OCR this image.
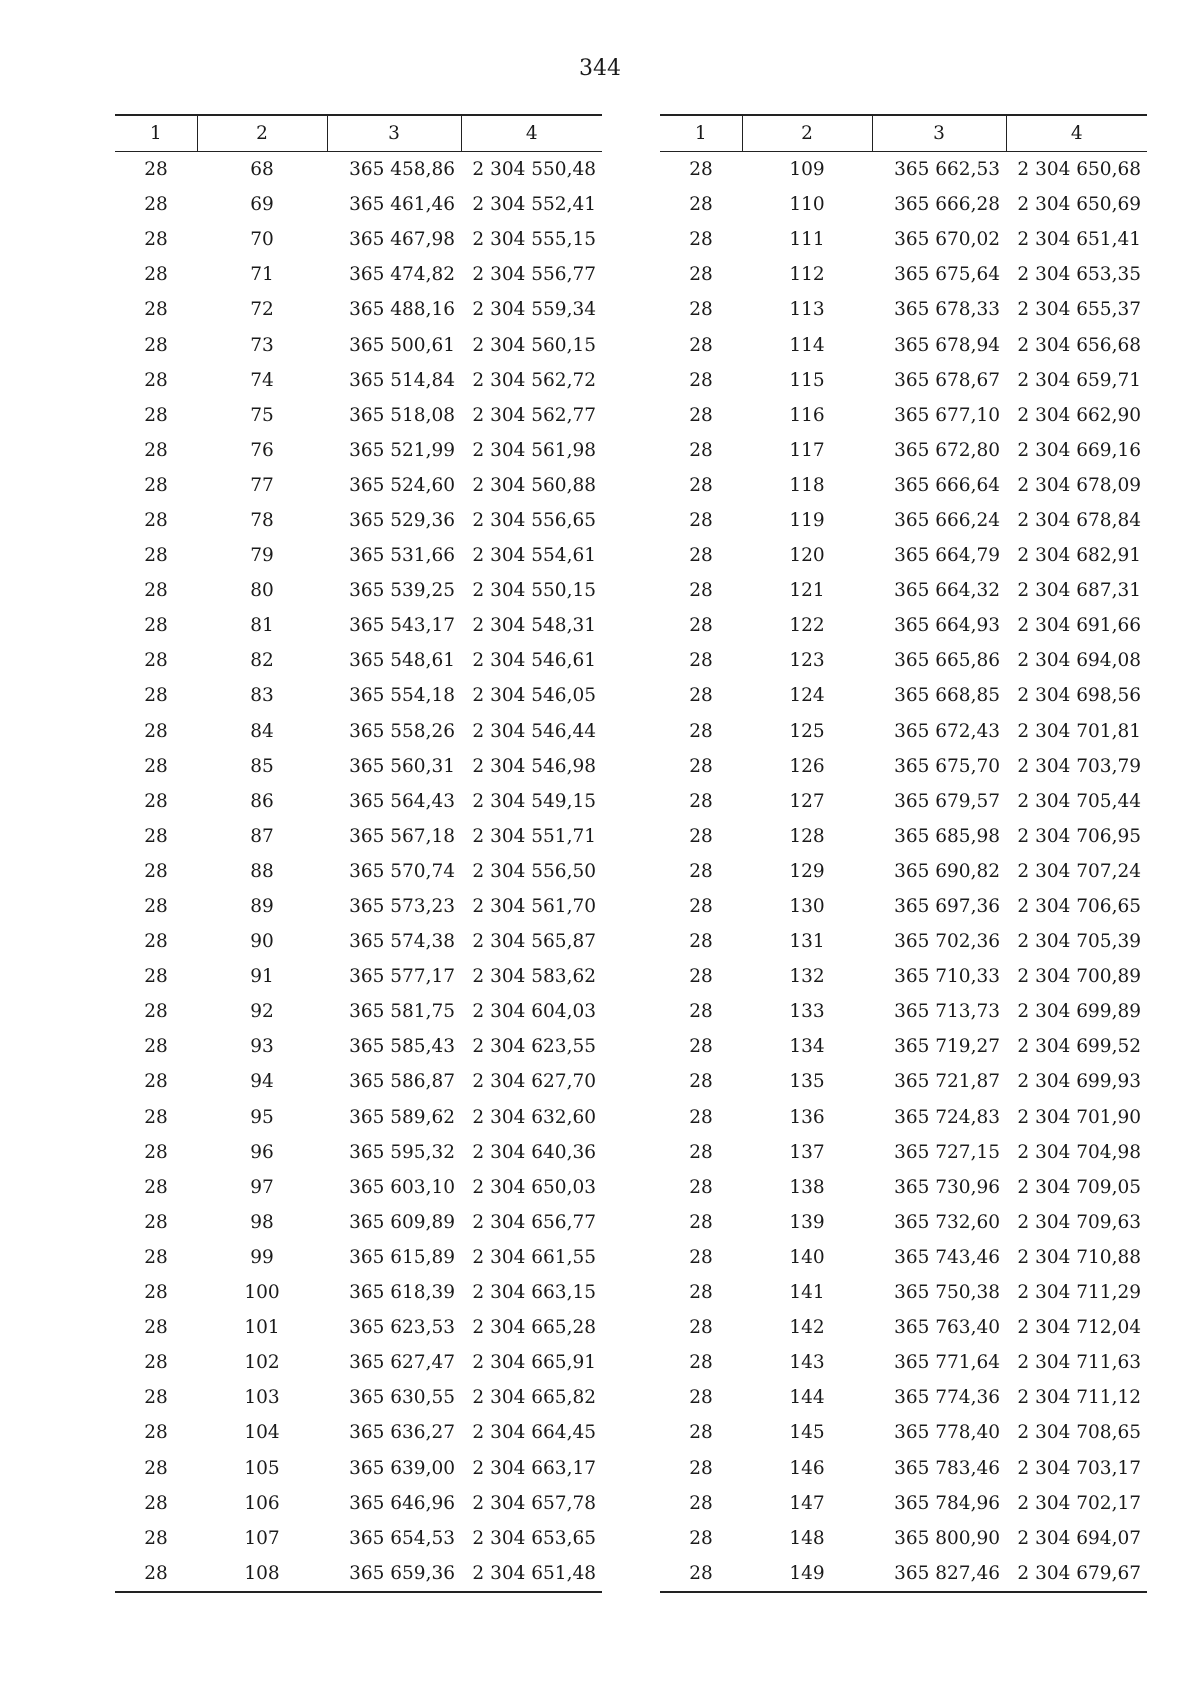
344
1	2	3	4
28	68	365 458,86	2 304 550,48
28	69	365 461,46	2 304 552,41
28	70	365 467,98	2 304 555,15
28	71	365 474,82	2 304 556,77
28	72	365 488,16	2 304 559,34
28	73	365 500,61	2 304 560,15
28	74	365 514,84	2 304 562,72
28	75	365 518,08	2 304 562,77
28	76	365 521,99	2 304 561,98
28	77	365 524,60	2 304 560,88
28	78	365 529,36	2 304 556,65
28	79	365 531,66	2 304 554,61
28	80	365 539,25	2 304 550,15
28	81	365 543,17	2 304 548,31
28	82	365 548,61	2 304 546,61
28	83	365 554,18	2 304 546,05
28	84	365 558,26	2 304 546,44
28	85	365 560,31	2 304 546,98
28	86	365 564,43	2 304 549,15
28	87	365 567,18	2 304 551,71
28	88	365 570,74	2 304 556,50
28	89	365 573,23	2 304 561,70
28	90	365 574,38	2 304 565,87
28	91	365 577,17	2 304 583,62
28	92	365 581,75	2 304 604,03
28	93	365 585,43	2 304 623,55
28	94	365 586,87	2 304 627,70
28	95	365 589,62	2 304 632,60
28	96	365 595,32	2 304 640,36
28	97	365 603,10	2 304 650,03
28	98	365 609,89	2 304 656,77
28	99	365 615,89	2 304 661,55
28	100	365 618,39	2 304 663,15
28	101	365 623,53	2 304 665,28
28	102	365 627,47	2 304 665,91
28	103	365 630,55	2 304 665,82
28	104	365 636,27	2 304 664,45
28	105	365 639,00	2 304 663,17
28	106	365 646,96	2 304 657,78
28	107	365 654,53	2 304 653,65
28	108	365 659,36	2 304 651,48
1	2	3	4
28	109	365 662,53	2 304 650,68
28	110	365 666,28	2 304 650,69
28	111	365 670,02	2 304 651,41
28	112	365 675,64	2 304 653,35
28	113	365 678,33	2 304 655,37
28	114	365 678,94	2 304 656,68
28	115	365 678,67	2 304 659,71
28	116	365 677,10	2 304 662,90
28	117	365 672,80	2 304 669,16
28	118	365 666,64	2 304 678,09
28	119	365 666,24	2 304 678,84
28	120	365 664,79	2 304 682,91
28	121	365 664,32	2 304 687,31
28	122	365 664,93	2 304 691,66
28	123	365 665,86	2 304 694,08
28	124	365 668,85	2 304 698,56
28	125	365 672,43	2 304 701,81
28	126	365 675,70	2 304 703,79
28	127	365 679,57	2 304 705,44
28	128	365 685,98	2 304 706,95
28	129	365 690,82	2 304 707,24
28	130	365 697,36	2 304 706,65
28	131	365 702,36	2 304 705,39
28	132	365 710,33	2 304 700,89
28	133	365 713,73	2 304 699,89
28	134	365 719,27	2 304 699,52
28	135	365 721,87	2 304 699,93
28	136	365 724,83	2 304 701,90
28	137	365 727,15	2 304 704,98
28	138	365 730,96	2 304 709,05
28	139	365 732,60	2 304 709,63
28	140	365 743,46	2 304 710,88
28	141	365 750,38	2 304 711,29
28	142	365 763,40	2 304 712,04
28	143	365 771,64	2 304 711,63
28	144	365 774,36	2 304 711,12
28	145	365 778,40	2 304 708,65
28	146	365 783,46	2 304 703,17
28	147	365 784,96	2 304 702,17
28	148	365 800,90	2 304 694,07
28	149	365 827,46	2 304 679,67
